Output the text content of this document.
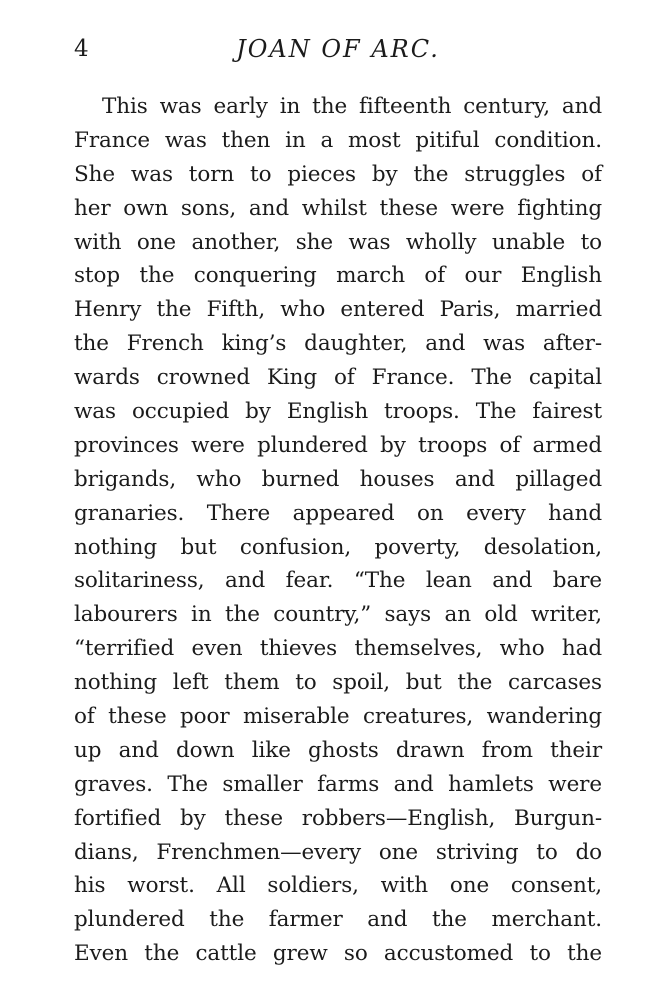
4	JOAN OF ARC.
This was early in the fifteenth century, and
France was then in a most pitiful condition.
She was torn to pieces by the struggles of
her own sons, and whilst these were fighting
with one another, she was wholly unable to
stop the conquering march of our English
Henry the Fifth, who entered Paris, married
the French king’s daughter, and was after-
wards crowned King of France. The capital
was occupied by English troops. The fairest
provinces were plundered by troops of armed
brigands, who burned houses and pillaged
granaries. There appeared on every hand
nothing but confusion, poverty, desolation,
solitariness, and fear. “The lean and bare
labourers in the country,” says an old writer,
“terrified even thieves themselves, who had
nothing left them to spoil, but the carcases
of these poor miserable creatures, wandering
up and down like ghosts drawn from their
graves. The smaller farms and hamlets were
fortified by these robbers—English, Burgun-
dians, Frenchmen—every one striving to do
his worst. All soldiers, with one consent,
plundered the farmer and the merchant.
Even the cattle grew so accustomed to the
